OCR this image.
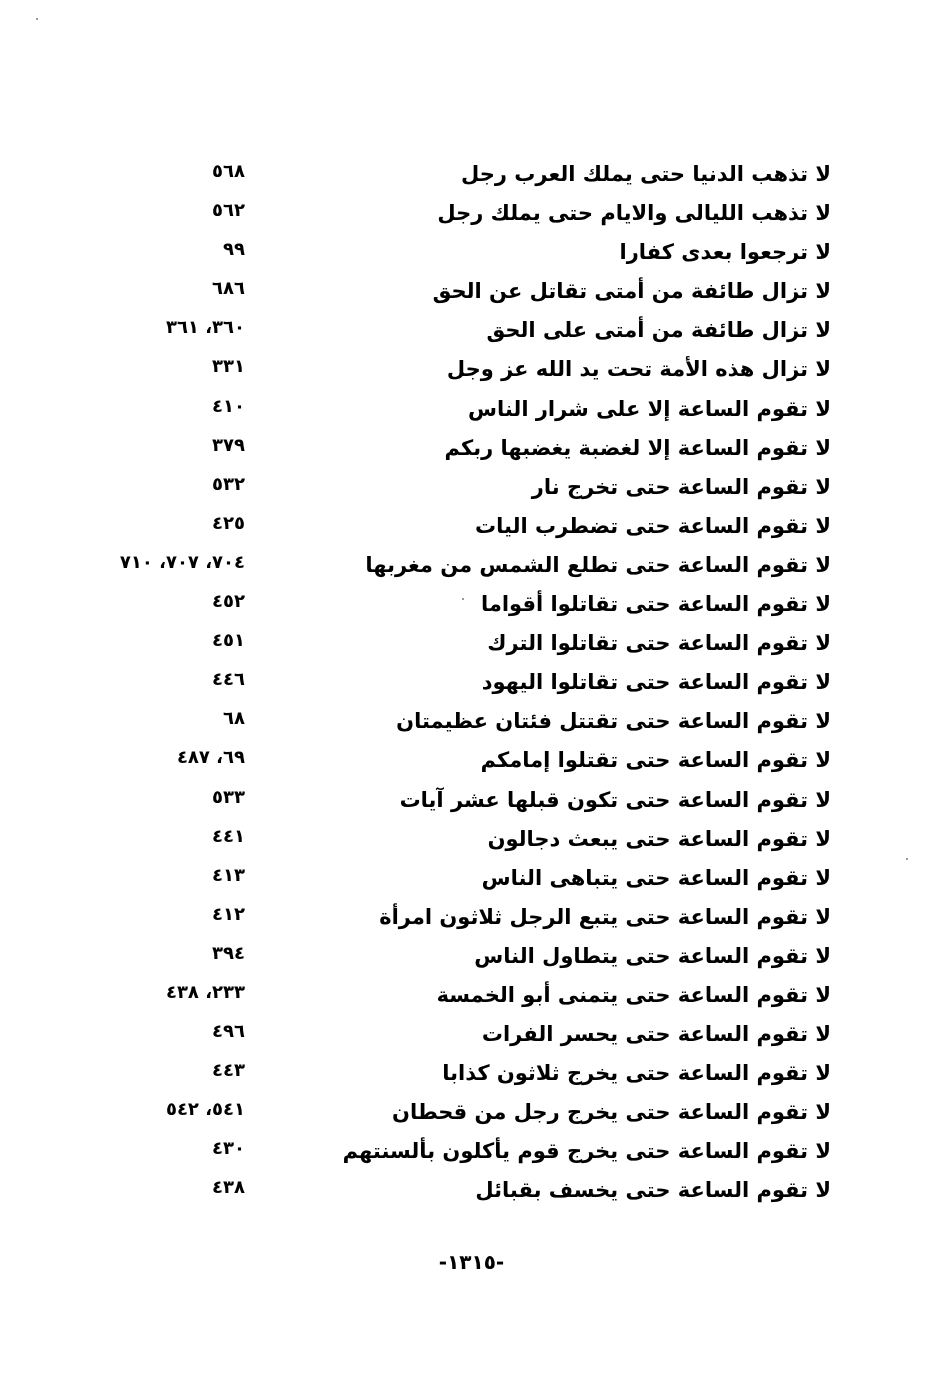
لا تذهب الدنيا حتى يملك العرب رجل
٥٦٨
لا تذهب الليالى والايام حتى يملك رجل
٥٦٢
لا ترجعوا بعدى كفارا
٩٩
لا تزال طائفة من أمتى تقاتل عن الحق
٦٨٦
لا تزال طائفة من أمتى على الحق
٣٦٠، ٣٦١
لا تزال هذه الأمة تحت يد الله عز وجل
٣٣١
لا تقوم الساعة إلا على شرار الناس
٤١٠
لا تقوم الساعة إلا لغضبة يغضبها ربكم
٣٧٩
لا تقوم الساعة حتى تخرج نار
٥٣٢
لا تقوم الساعة حتى تضطرب اليات
٤٢٥
لا تقوم الساعة حتى تطلع الشمس من مغربها
٧٠٤، ٧٠٧، ٧١٠
لا تقوم الساعة حتى تقاتلوا أقواما
٤٥٢
لا تقوم الساعة حتى تقاتلوا الترك
٤٥١
لا تقوم الساعة حتى تقاتلوا اليهود
٤٤٦
لا تقوم الساعة حتى تقتتل فئتان عظيمتان
٦٨
لا تقوم الساعة حتى تقتلوا إمامكم
٦٩، ٤٨٧
لا تقوم الساعة حتى تكون قبلها عشر آيات
٥٣٣
لا تقوم الساعة حتى يبعث دجالون
٤٤١
لا تقوم الساعة حتى يتباهى الناس
٤١٣
لا تقوم الساعة حتى يتبع الرجل ثلاثون امرأة
٤١٢
لا تقوم الساعة حتى يتطاول الناس
٣٩٤
لا تقوم الساعة حتى يتمنى أبو الخمسة
٢٣٣، ٤٣٨
لا تقوم الساعة حتى يحسر الفرات
٤٩٦
لا تقوم الساعة حتى يخرج ثلاثون كذابا
٤٤٣
لا تقوم الساعة حتى يخرج رجل من قحطان
٥٤١، ٥٤٢
لا تقوم الساعة حتى يخرج قوم يأكلون بألسنتهم
٤٣٠
لا تقوم الساعة حتى يخسف بقبائل
٤٣٨
-١٣١٥-
